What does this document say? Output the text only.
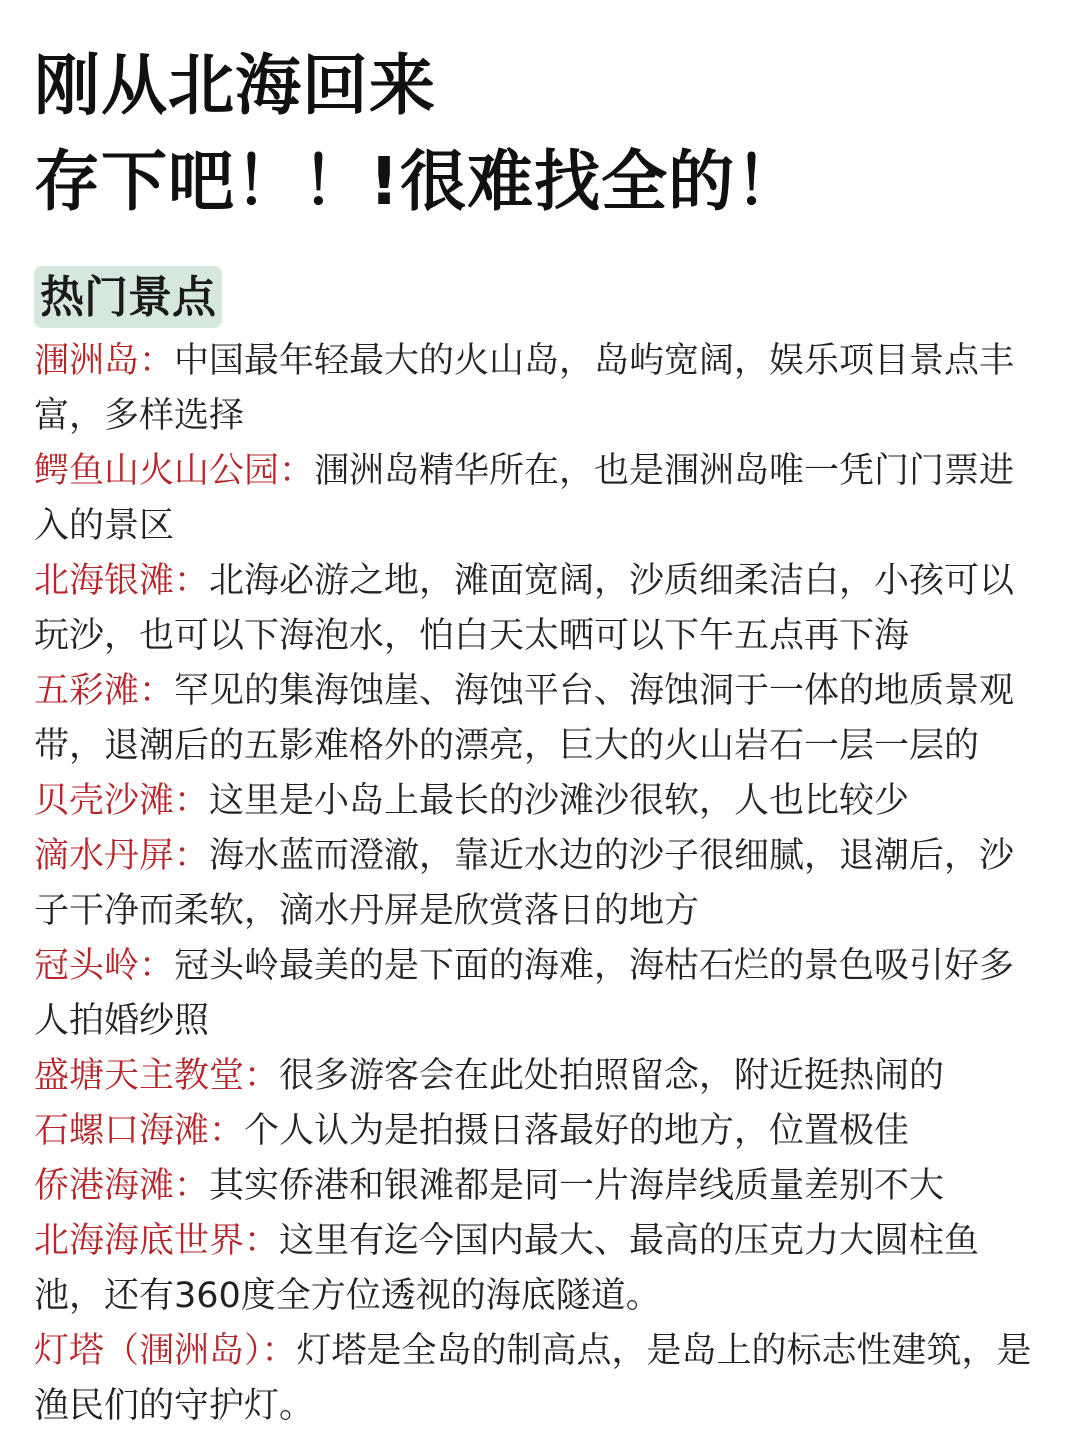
刚从北海回来
存下吧！！!很难找全的！
热门景点

涠洲岛：中国最年轻最大的火山岛，岛屿宽阔，娱乐项目景点丰富，多样选择

鳄鱼山火山公园：涠洲岛精华所在，也是涠洲岛唯一凭门门票进入的景区

北海银滩：北海必游之地，滩面宽阔，沙质细柔洁白，小孩可以玩沙，也可以下海泡水，怕白天太晒可以下午五点再下海

五彩滩：罕见的集海蚀崖、海蚀平台、海蚀洞于一体的地质景观带，退潮后的五影难格外的漂亮，巨大的火山岩石一层一层的

贝壳沙滩：这里是小岛上最长的沙滩沙很软，人也比较少

滴水丹屏：海水蓝而澄澈，靠近水边的沙子很细腻，退潮后，沙子干净而柔软，滴水丹屏是欣赏落日的地方

冠头岭：冠头岭最美的是下面的海难，海枯石烂的景色吸引好多人拍婚纱照

盛塘天主教堂：很多游客会在此处拍照留念，附近挺热闹的

石螺口海滩：个人认为是拍摄日落最好的地方，位置极佳

侨港海滩：其实侨港和银滩都是同一片海岸线质量差别不大

北海海底世界：这里有迄今国内最大、最高的压克力大圆柱鱼池，还有360度全方位透视的海底隧道。

灯塔（涠洲岛）：灯塔是全岛的制高点，是岛上的标志性建筑，是渔民们的守护灯。
